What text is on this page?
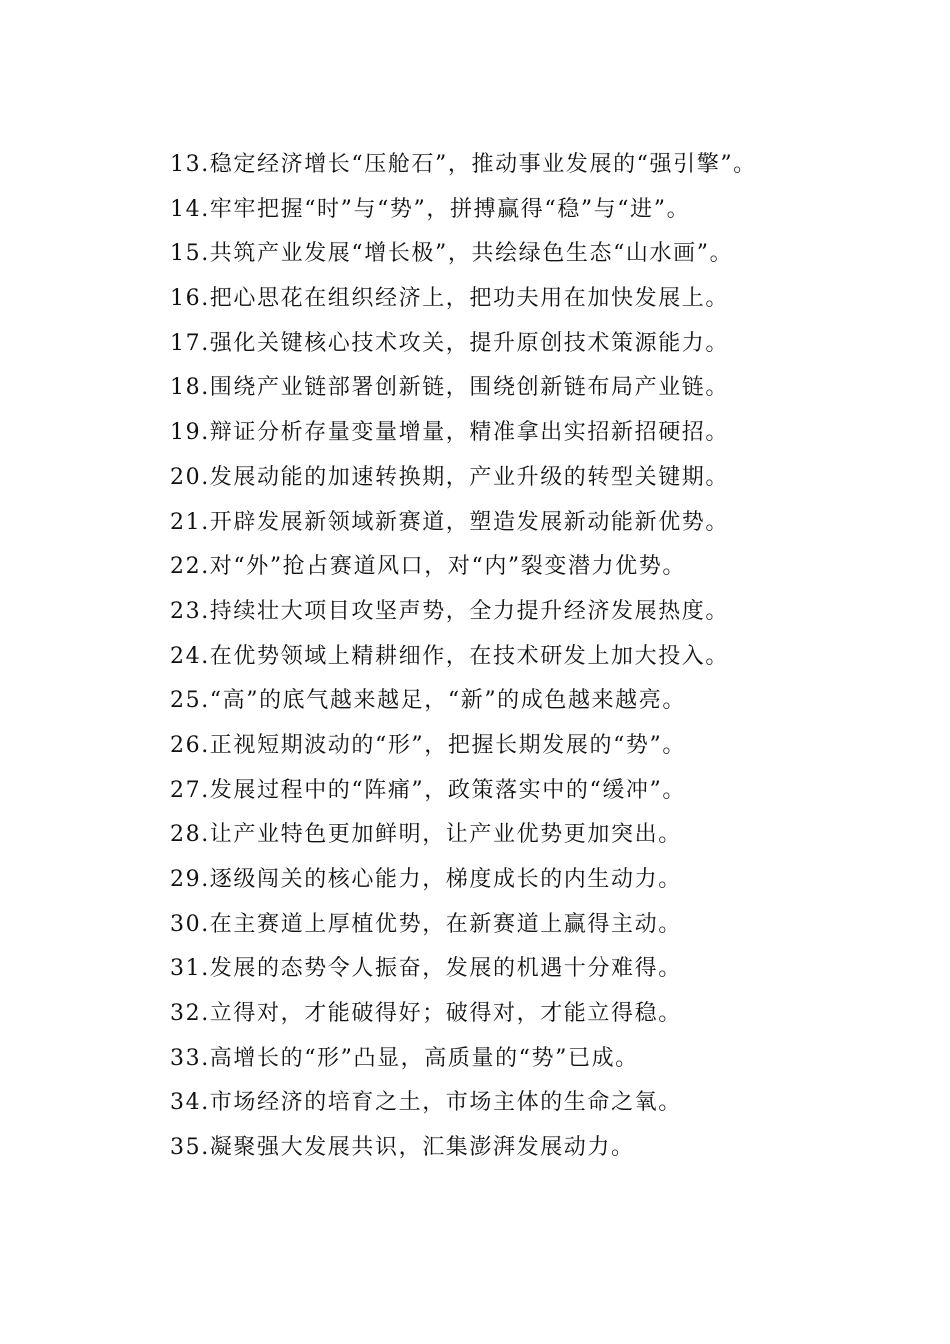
13.稳定经济增长“压舱石”，推动事业发展的“强引擎”。
14.牢牢把握“时”与“势”，拼搏赢得“稳”与“进”。
15.共筑产业发展“增长极”，共绘绿色生态“山水画”。
16.把心思花在组织经济上，把功夫用在加快发展上。
17.强化关键核心技术攻关，提升原创技术策源能力。
18.围绕产业链部署创新链，围绕创新链布局产业链。
19.辩证分析存量变量增量，精准拿出实招新招硬招。
20.发展动能的加速转换期，产业升级的转型关键期。
21.开辟发展新领域新赛道，塑造发展新动能新优势。
22.对“外”抢占赛道风口，对“内”裂变潜力优势。
23.持续壮大项目攻坚声势，全力提升经济发展热度。
24.在优势领域上精耕细作，在技术研发上加大投入。
25.“高”的底气越来越足，“新”的成色越来越亮。
26.正视短期波动的“形”，把握长期发展的“势”。
27.发展过程中的“阵痛”，政策落实中的“缓冲”。
28.让产业特色更加鲜明，让产业优势更加突出。
29.逐级闯关的核心能力，梯度成长的内生动力。
30.在主赛道上厚植优势，在新赛道上赢得主动。
31.发展的态势令人振奋，发展的机遇十分难得。
32.立得对，才能破得好；破得对，才能立得稳。
33.高增长的“形”凸显，高质量的“势”已成。
34.市场经济的培育之土，市场主体的生命之氧。
35.凝聚强大发展共识，汇集澎湃发展动力。
